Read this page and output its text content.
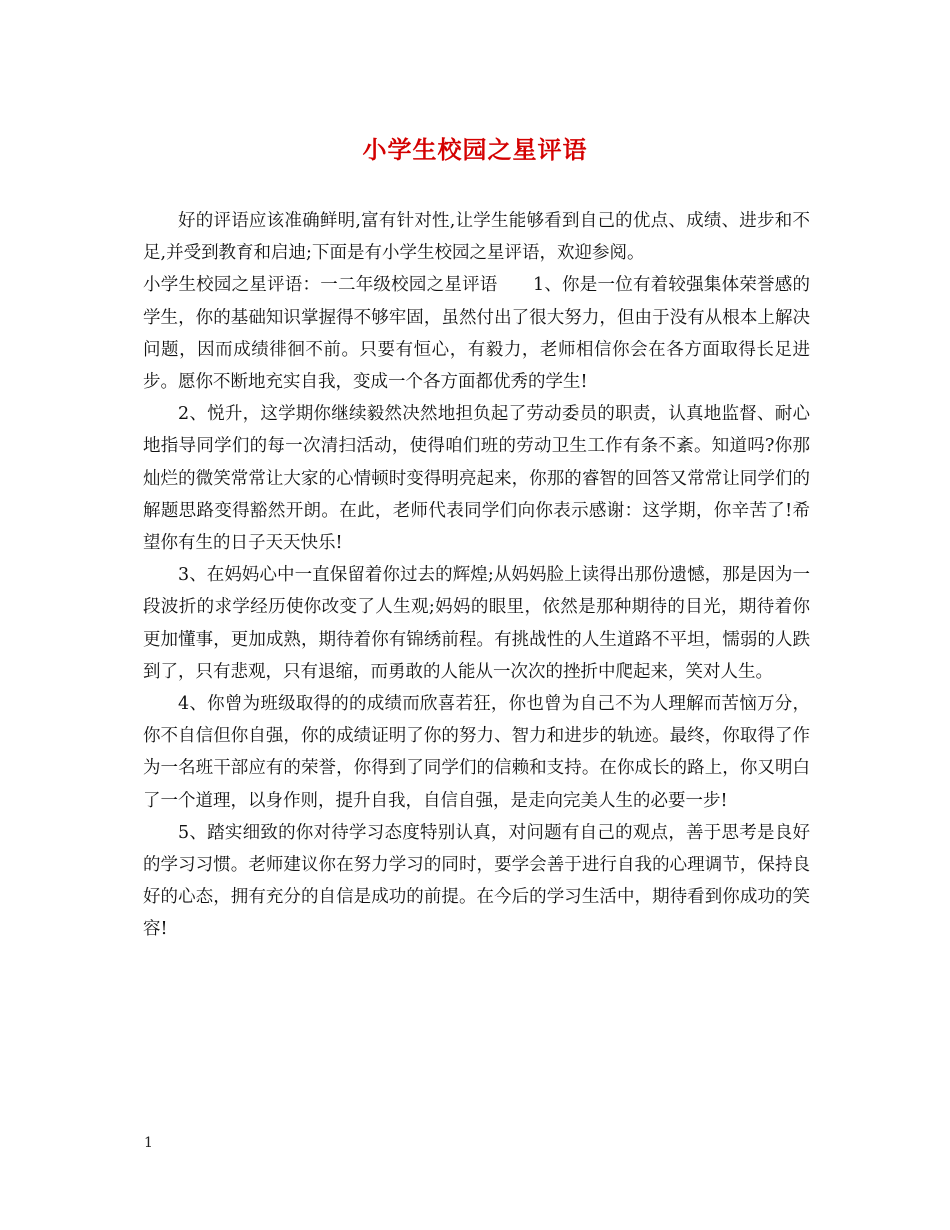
小学生校园之星评语

好的评语应该准确鲜明,富有针对性,让学生能够看到自己的优点、成绩、进步和不足,并受到教育和启迪;下面是有小学生校园之星评语，欢迎参阅。

小学生校园之星评语：一二年级校园之星评语　　1、你是一位有着较强集体荣誉感的学生，你的基础知识掌握得不够牢固，虽然付出了很大努力，但由于没有从根本上解决问题，因而成绩徘徊不前。只要有恒心，有毅力，老师相信你会在各方面取得长足进步。愿你不断地充实自我，变成一个各方面都优秀的学生!

2、悦升，这学期你继续毅然决然地担负起了劳动委员的职责，认真地监督、耐心地指导同学们的每一次清扫活动，使得咱们班的劳动卫生工作有条不紊。知道吗?你那灿烂的微笑常常让大家的心情顿时变得明亮起来，你那的睿智的回答又常常让同学们的解题思路变得豁然开朗。在此，老师代表同学们向你表示感谢：这学期，你辛苦了!希望你有生的日子天天快乐!

3、在妈妈心中一直保留着你过去的辉煌;从妈妈脸上读得出那份遗憾，那是因为一段波折的求学经历使你改变了人生观;妈妈的眼里，依然是那种期待的目光，期待着你更加懂事，更加成熟，期待着你有锦绣前程。有挑战性的人生道路不平坦，懦弱的人跌到了，只有悲观，只有退缩，而勇敢的人能从一次次的挫折中爬起来，笑对人生。

4、你曾为班级取得的的成绩而欣喜若狂，你也曾为自己不为人理解而苦恼万分，你不自信但你自强，你的成绩证明了你的努力、智力和进步的轨迹。最终，你取得了作为一名班干部应有的荣誉，你得到了同学们的信赖和支持。在你成长的路上，你又明白了一个道理，以身作则，提升自我，自信自强，是走向完美人生的必要一步!

5、踏实细致的你对待学习态度特别认真，对问题有自己的观点，善于思考是良好的学习习惯。老师建议你在努力学习的同时，要学会善于进行自我的心理调节，保持良好的心态，拥有充分的自信是成功的前提。在今后的学习生活中，期待看到你成功的笑容!

1
